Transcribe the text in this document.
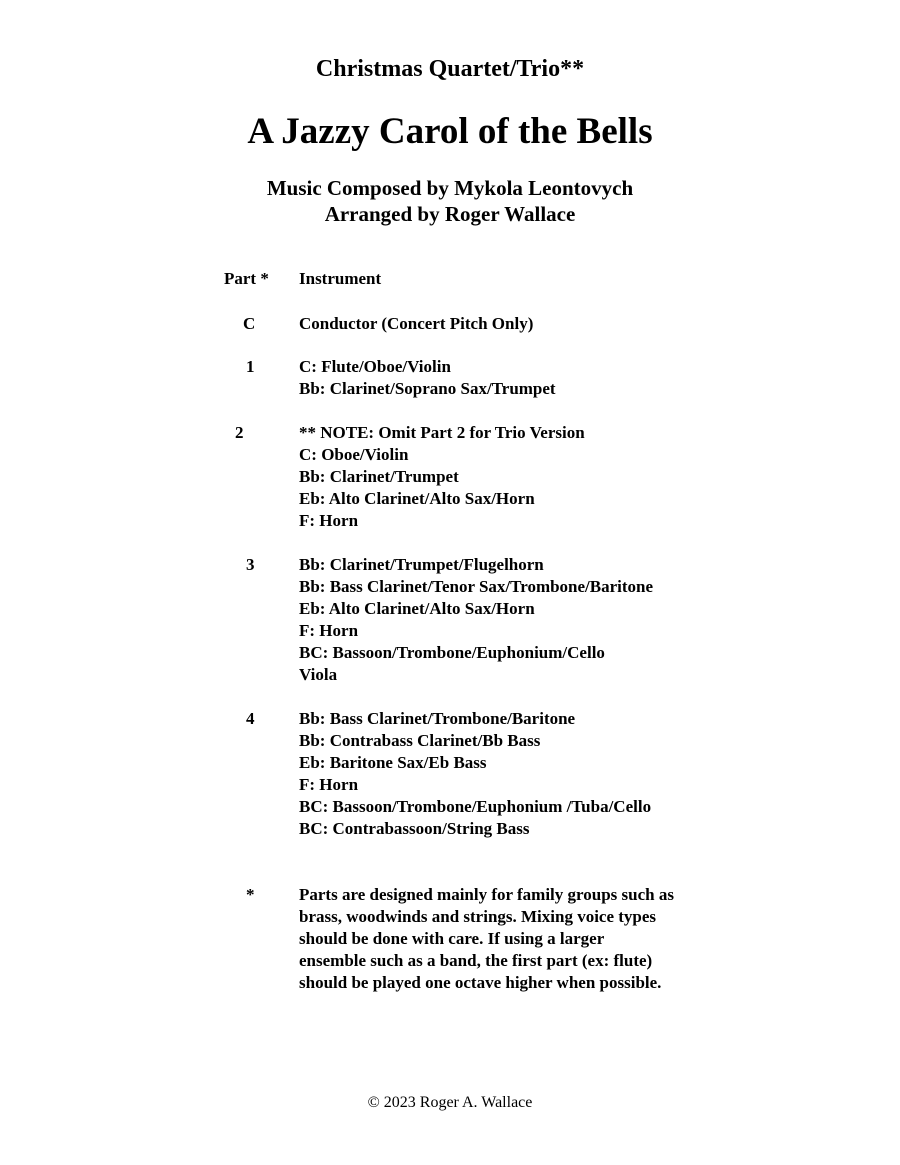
Christmas Quartet/Trio**
A Jazzy Carol of the Bells
Music Composed by Mykola Leontovych
Arranged by Roger Wallace
Part * Instrument
C	Conductor (Concert Pitch Only)
1	C: Flute/Oboe/Violin
Bb: Clarinet/Soprano Sax/Trumpet
2	** NOTE: Omit Part 2 for Trio Version
C: Oboe/Violin
Bb: Clarinet/Trumpet
Eb: Alto Clarinet/Alto Sax/Horn
F: Horn
3	Bb: Clarinet/Trumpet/Flugelhorn
Bb: Bass Clarinet/Tenor Sax/Trombone/Baritone
Eb: Alto Clarinet/Alto Sax/Horn
F: Horn
BC: Bassoon/Trombone/Euphonium/Cello
Viola
4	Bb: Bass Clarinet/Trombone/Baritone
Bb: Contrabass Clarinet/Bb Bass
Eb: Baritone Sax/Eb Bass
F: Horn
BC: Bassoon/Trombone/Euphonium /Tuba/Cello
BC: Contrabassoon/String Bass
*	Parts are designed mainly for family groups such as
brass, woodwinds and strings. Mixing voice types
should be done with care. If using a larger
ensemble such as a band, the first part (ex: flute)
should be played one octave higher when possible.
© 2023 Roger A. Wallace
